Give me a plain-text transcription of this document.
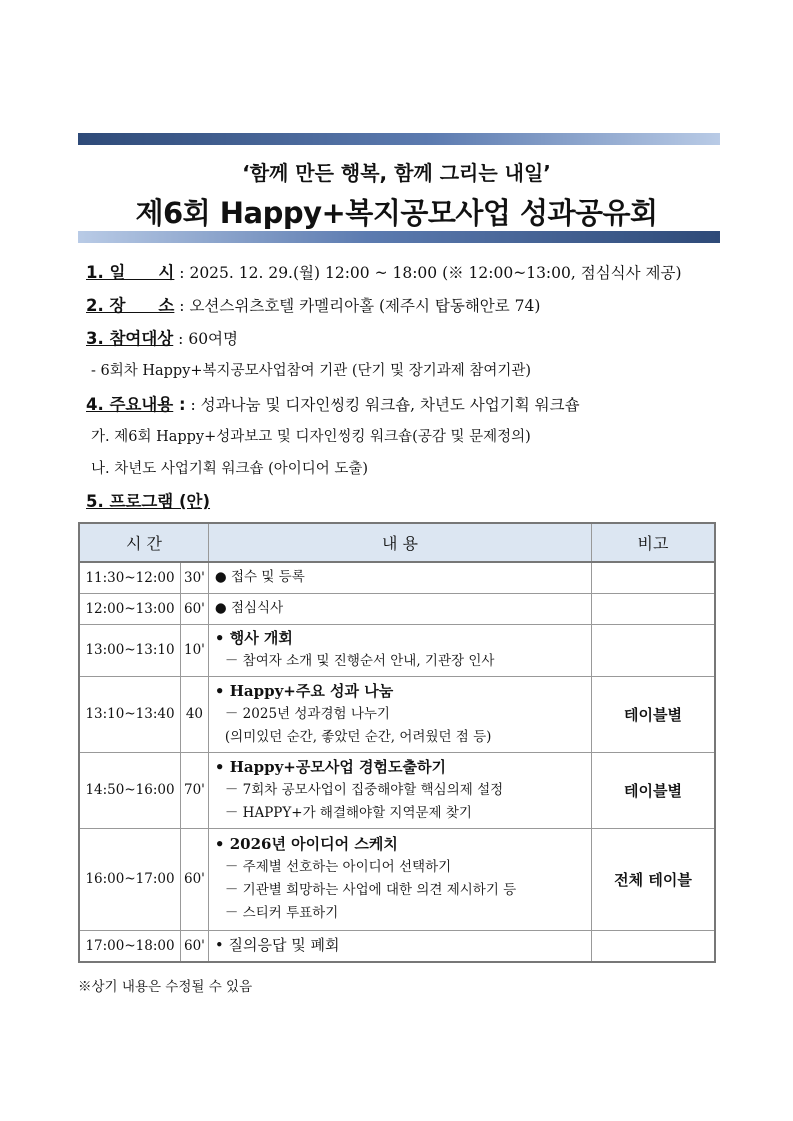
‘함께 만든 행복, 함께 그리는 내일’
제6회 Happy+복지공모사업 성과공유회
1. 일　　시 : 2025. 12. 29.(월) 12:00 ~ 18:00 (※ 12:00~13:00, 점심식사 제공)
2. 장　　소 : 오션스위츠호텔 카멜리아홀 (제주시 탑동해안로 74)
3. 참여대상 : 60여명
- 6회차 Happy+복지공모사업참여 기관 (단기 및 장기과제 참여기관)
4. 주요내용 : : 성과나눔 및 디자인씽킹 워크숍, 차년도 사업기획 워크숍
가. 제6회 Happy+성과보고 및 디자인씽킹 워크숍(공감 및 문제정의)
나. 차년도 사업기획 워크숍 (아이디어 도출)
5. 프로그램 (안)
시 간		내 용	비고
11:30~12:00	30'	● 접수 및 등록	

12:00~13:00	60'	● 점심식사	

13:00~13:10	10'	• 행사 개회
－ 참여자 소개 및 진행순서 안내, 기관장 인사	

13:10~13:40	40	• Happy+주요 성과 나눔
－ 2025년 성과경험 나누기
(의미있던 순간, 좋았던 순간, 어려웠던 점 등)	테이블별
14:50~16:00	70'	• Happy+공모사업 경험도출하기
－ 7회차 공모사업이 집중해야할 핵심의제 설정
－ HAPPY+가 해결해야할 지역문제 찾기	테이블별
16:00~17:00	60'	• 2026년 아이디어 스케치
－ 주제별 선호하는 아이디어 선택하기
－ 기관별 희망하는 사업에 대한 의견 제시하기 등
－ 스티커 투표하기	전체 테이블
17:00~18:00	60'	• 질의응답 및 폐회	

※상기 내용은 수정될 수 있음
